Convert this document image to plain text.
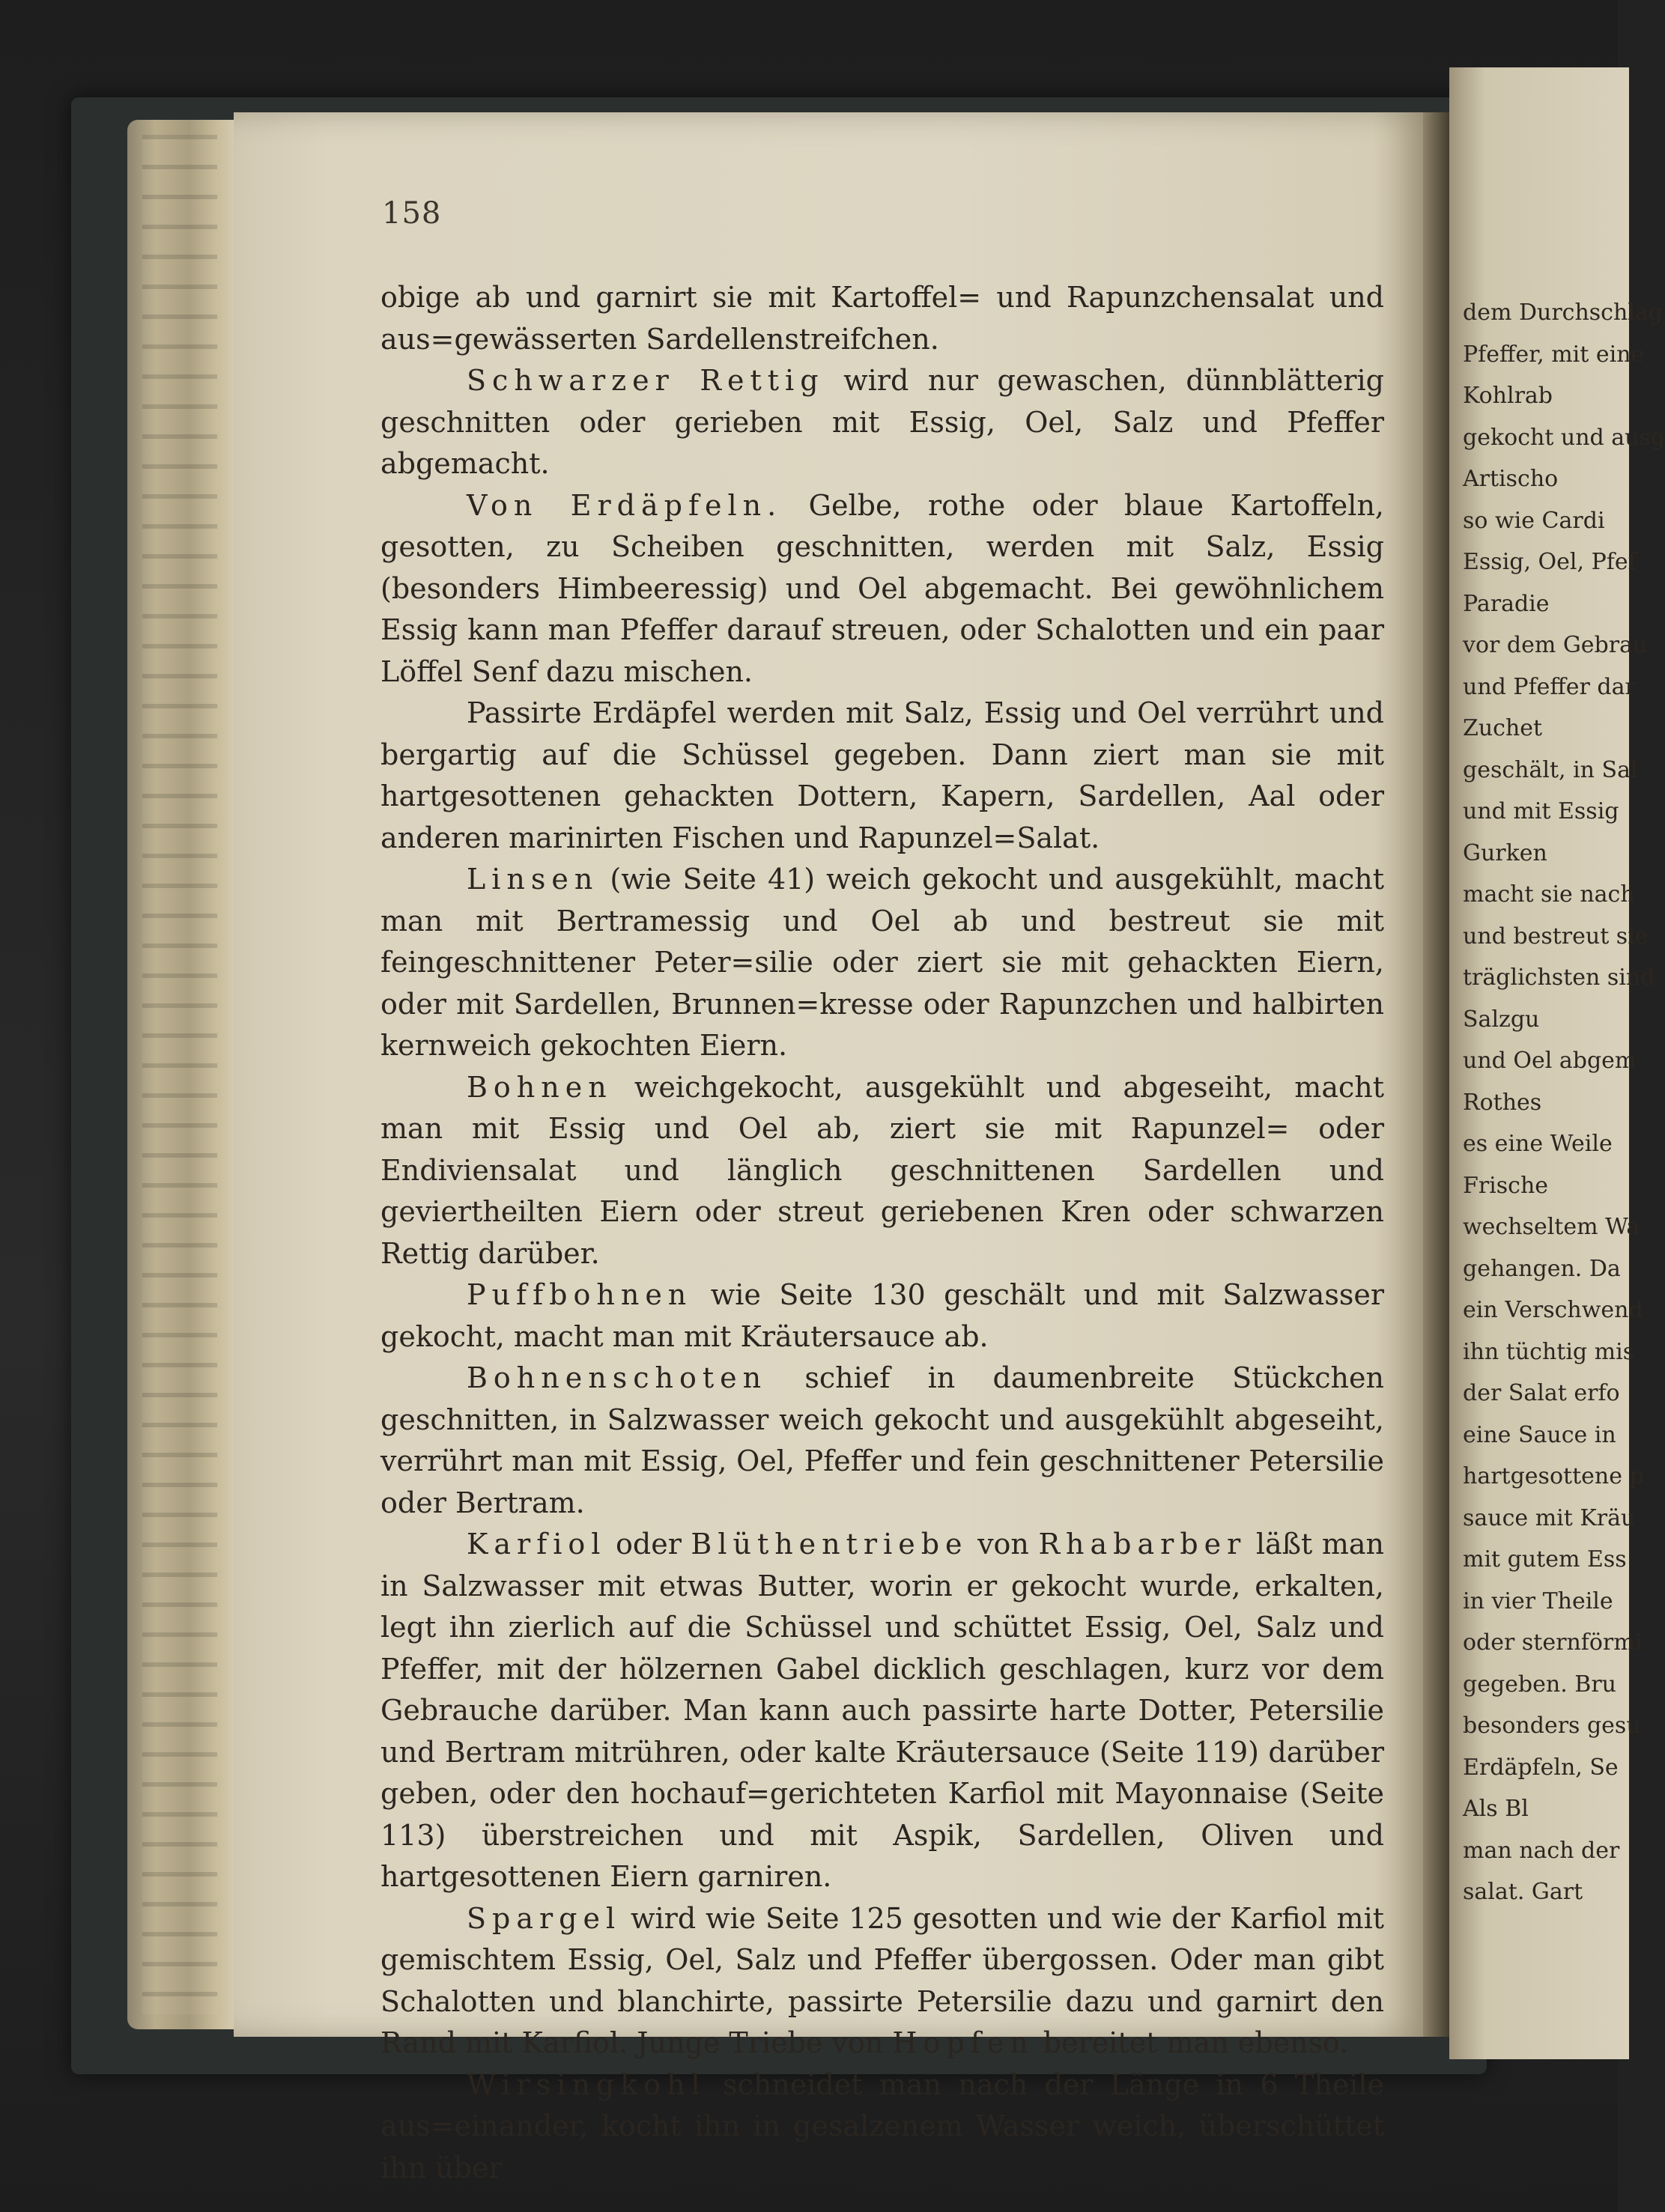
158

obige ab und garnirt sie mit Kartoffel= und Rapunzchensalat und aus=gewässerten Sardellenstreifchen.

Schwarzer Rettig wird nur gewaschen, dünnblätterig geschnitten oder gerieben mit Essig, Oel, Salz und Pfeffer abgemacht.

Von Erdäpfeln. Gelbe, rothe oder blaue Kartoffeln, gesotten, zu Scheiben geschnitten, werden mit Salz, Essig (besonders Himbeeressig) und Oel abgemacht. Bei gewöhnlichem Essig kann man Pfeffer darauf streuen, oder Schalotten und ein paar Löffel Senf dazu mischen.

Passirte Erdäpfel werden mit Salz, Essig und Oel verrührt und bergartig auf die Schüssel gegeben. Dann ziert man sie mit hartgesottenen gehackten Dottern, Kapern, Sardellen, Aal oder anderen marinirten Fischen und Rapunzel=Salat.

Linsen (wie Seite 41) weich gekocht und ausgekühlt, macht man mit Bertramessig und Oel ab und bestreut sie mit feingeschnittener Peter=silie oder ziert sie mit gehackten Eiern, oder mit Sardellen, Brunnen=kresse oder Rapunzchen und halbirten kernweich gekochten Eiern.

Bohnen weichgekocht, ausgekühlt und abgeseiht, macht man mit Essig und Oel ab, ziert sie mit Rapunzel= oder Endiviensalat und länglich geschnittenen Sardellen und geviertheilten Eiern oder streut geriebenen Kren oder schwarzen Rettig darüber.

Puffbohnen wie Seite 130 geschält und mit Salzwasser gekocht, macht man mit Kräutersauce ab.

Bohnenschoten schief in daumenbreite Stückchen geschnitten, in Salzwasser weich gekocht und ausgekühlt abgeseiht, verrührt man mit Essig, Oel, Pfeffer und fein geschnittener Petersilie oder Bertram.

Karfiol oder Blüthentriebe von Rhabarber läßt man in Salzwasser mit etwas Butter, worin er gekocht wurde, erkalten, legt ihn zierlich auf die Schüssel und schüttet Essig, Oel, Salz und Pfeffer, mit der hölzernen Gabel dicklich geschlagen, kurz vor dem Gebrauche darüber. Man kann auch passirte harte Dotter, Petersilie und Bertram mitrühren, oder kalte Kräutersauce (Seite 119) darüber geben, oder den hochauf=gerichteten Karfiol mit Mayonnaise (Seite 113) überstreichen und mit Aspik, Sardellen, Oliven und hartgesottenen Eiern garniren.

Spargel wird wie Seite 125 gesotten und wie der Karfiol mit gemischtem Essig, Oel, Salz und Pfeffer übergossen. Oder man gibt Schalotten und blanchirte, passirte Petersilie dazu und garnirt den Rand mit Karfiol. Junge Triebe von Hopfen bereitet man ebenso.

Wirsingkohl schneidet man nach der Länge in 6 Theile aus=einander, kocht ihn in gesalzenem Wasser weich, überschüttet ihn über

dem Durchschlag
Pfeffer, mit eine
Kohlrab
gekocht und ausg
Artischo
so wie Cardi
Essig, Oel, Pfef
Paradie
vor dem Gebrau
und Pfeffer dar
Zuchet
geschält, in Sal
und mit Essig
Gurken
macht sie nach
und bestreut sie
träglichsten sind
Salzgu
und Oel abgem
Rothes
es eine Weile
Frische
wechseltem Wa
gehangen. Da
ein Verschwend
ihn tüchtig mis
der Salat erfo
eine Sauce in
hartgesottene p
sauce mit Kräu
mit gutem Ess
in vier Theile
oder sternförmi
gegeben. Bru
besonders gesu
Erdäpfeln, Se
Als Bl
man nach der
salat. Gart
